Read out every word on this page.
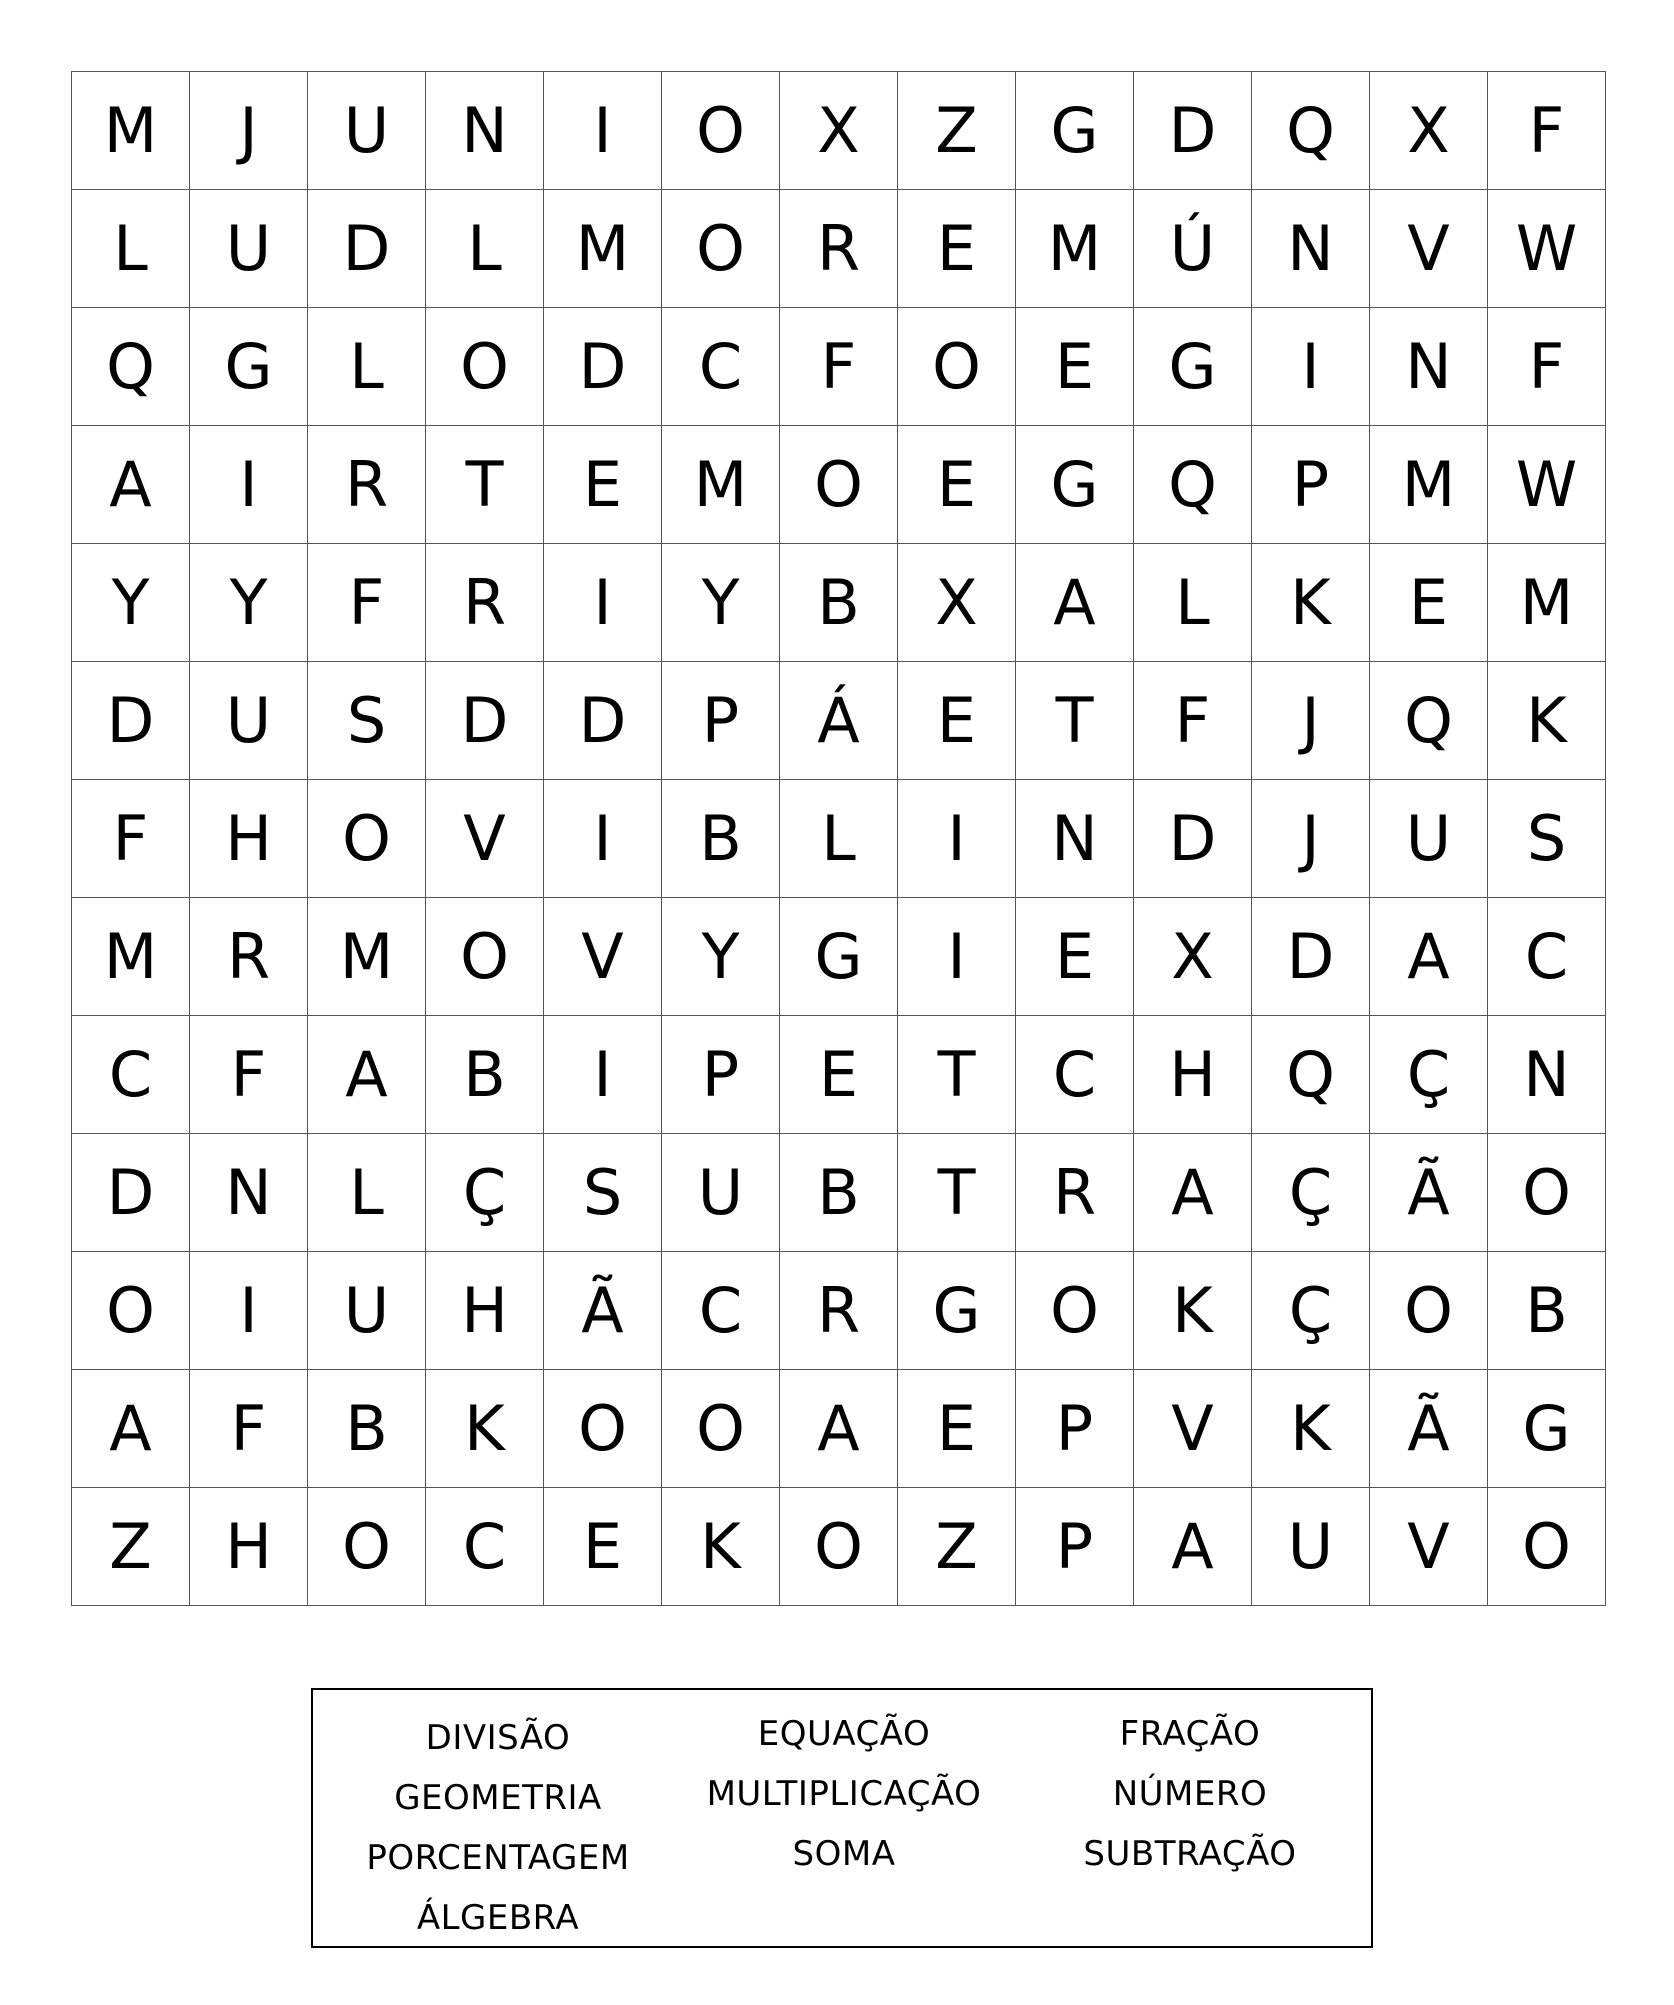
M	J	U	N	I	O	X	Z	G	D	Q	X	F
L	U	D	L	M	O	R	E	M	Ú	N	V	W
Q	G	L	O	D	C	F	O	E	G	I	N	F
A	I	R	T	E	M	O	E	G	Q	P	M	W
Y	Y	F	R	I	Y	B	X	A	L	K	E	M
D	U	S	D	D	P	Á	E	T	F	J	Q	K
F	H	O	V	I	B	L	I	N	D	J	U	S
M	R	M	O	V	Y	G	I	E	X	D	A	C
C	F	A	B	I	P	E	T	C	H	Q	Ç	N
D	N	L	Ç	S	U	B	T	R	A	Ç	Ã	O
O	I	U	H	Ã	C	R	G	O	K	Ç	O	B
A	F	B	K	O	O	A	E	P	V	K	Ã	G
Z	H	O	C	E	K	O	Z	P	A	U	V	O
DIVISÃO
GEOMETRIA
PORCENTAGEM
ÁLGEBRA
EQUAÇÃO
MULTIPLICAÇÃO
SOMA
FRAÇÃO
NÚMERO
SUBTRAÇÃO
